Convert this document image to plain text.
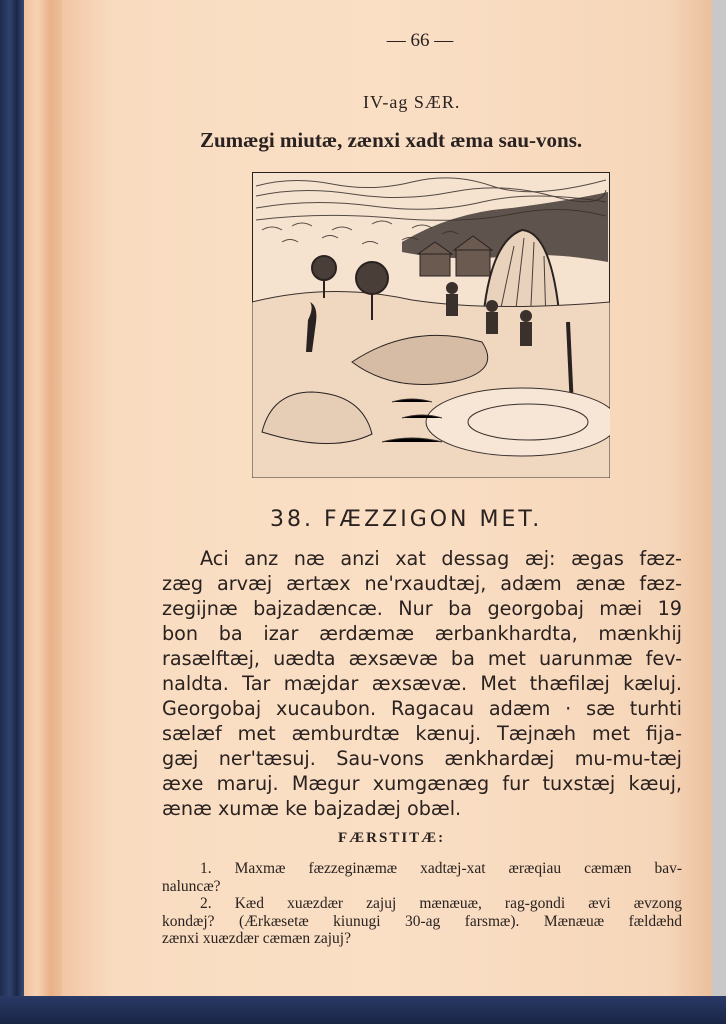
— 66 —
IV-ag SÆR.
Zumægi miutæ, zænxi xadt æma sau-vons.
38. FÆZZIGON MET.
Aci anz næ anzi xat dessag æj: ægas fæz-
zæg arvæj ærtæx ne'rxaudtæj, adæm ænæ fæz-
zegijnæ bajzadæncæ. Nur ba georgobaj mæi 19
bon ba izar ærdæmæ ærbankhardta, mænkhij
rasælftæj, uædta æxsævæ ba met uarunmæ fev-
naldta. Tar mæjdar æxsævæ. Met thæfilæj kæluj.
Georgobaj xucaubon. Ragacau adæm · sæ turhti
sælæf met æmburdtæ kænuj. Tæjnæh met fija-
gæj ner'tæsuj. Sau-vons ænkhardæj mu-mu-tæj
æxe maruj. Mægur xumgænæg fur tuxstæj kæuj,
ænæ xumæ ke bajzadæj obæl.
FÆRSTITÆ:
1. Maxmæ fæzzeginæmæ xadtæj-xat æræqiau cæmæn bav-
naluncæ?
2. Kæd xuæzdær zajuj mænæuæ, rag-gondi ævi ævzong
kondæj? (Ærkæsetæ kiunugi 30-ag farsmæ). Mænæuæ fældæhd
zænxi xuæzdær cæmæn zajuj?
